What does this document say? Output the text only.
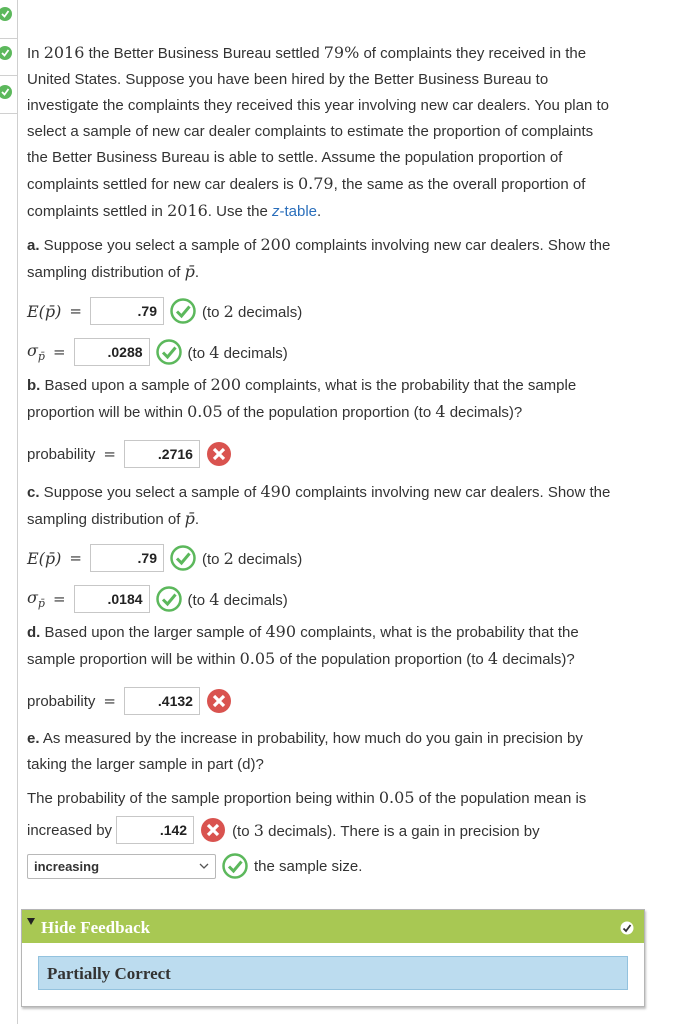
In 2016 the Better Business Bureau settled 79% of complaints they received in the

United States. Suppose you have been hired by the Better Business Bureau to

investigate the complaints they received this year involving new car dealers. You plan to

select a sample of new car dealer complaints to estimate the proportion of complaints

the Better Business Bureau is able to settle. Assume the population proportion of

complaints settled for new car dealers is 0.79, the same as the overall proportion of

complaints settled in 2016. Use the z-table.

a. Suppose you select a sample of 200 complaints involving new car dealers. Show the

sampling distribution of p̄.

E(p̄) =	.79	(to 2 decimals)
$\sigma_{p̄}$ =	.0288	(to 4 decimals)

b. Based upon a sample of 200 complaints, what is the probability that the sample

proportion will be within 0.05 of the population proportion (to 4 decimals)?

probability =	.2716

c. Suppose you select a sample of 490 complaints involving new car dealers. Show the

sampling distribution of p̄.

E(p̄) =	.79	(to 2 decimals)
$\sigma_{p̄}$ =	.0184	(to 4 decimals)

d. Based upon the larger sample of 490 complaints, what is the probability that the

sample proportion will be within 0.05 of the population proportion (to 4 decimals)?

probability =	.4132

e. As measured by the increase in probability, how much do you gain in precision by

taking the larger sample in part (d)?

The probability of the sample proportion being within 0.05 of the population mean is

increased by	.142	(to 3 decimals). There is a gain in precision by
increasing	the sample size.
Hide Feedback
Partially Correct
